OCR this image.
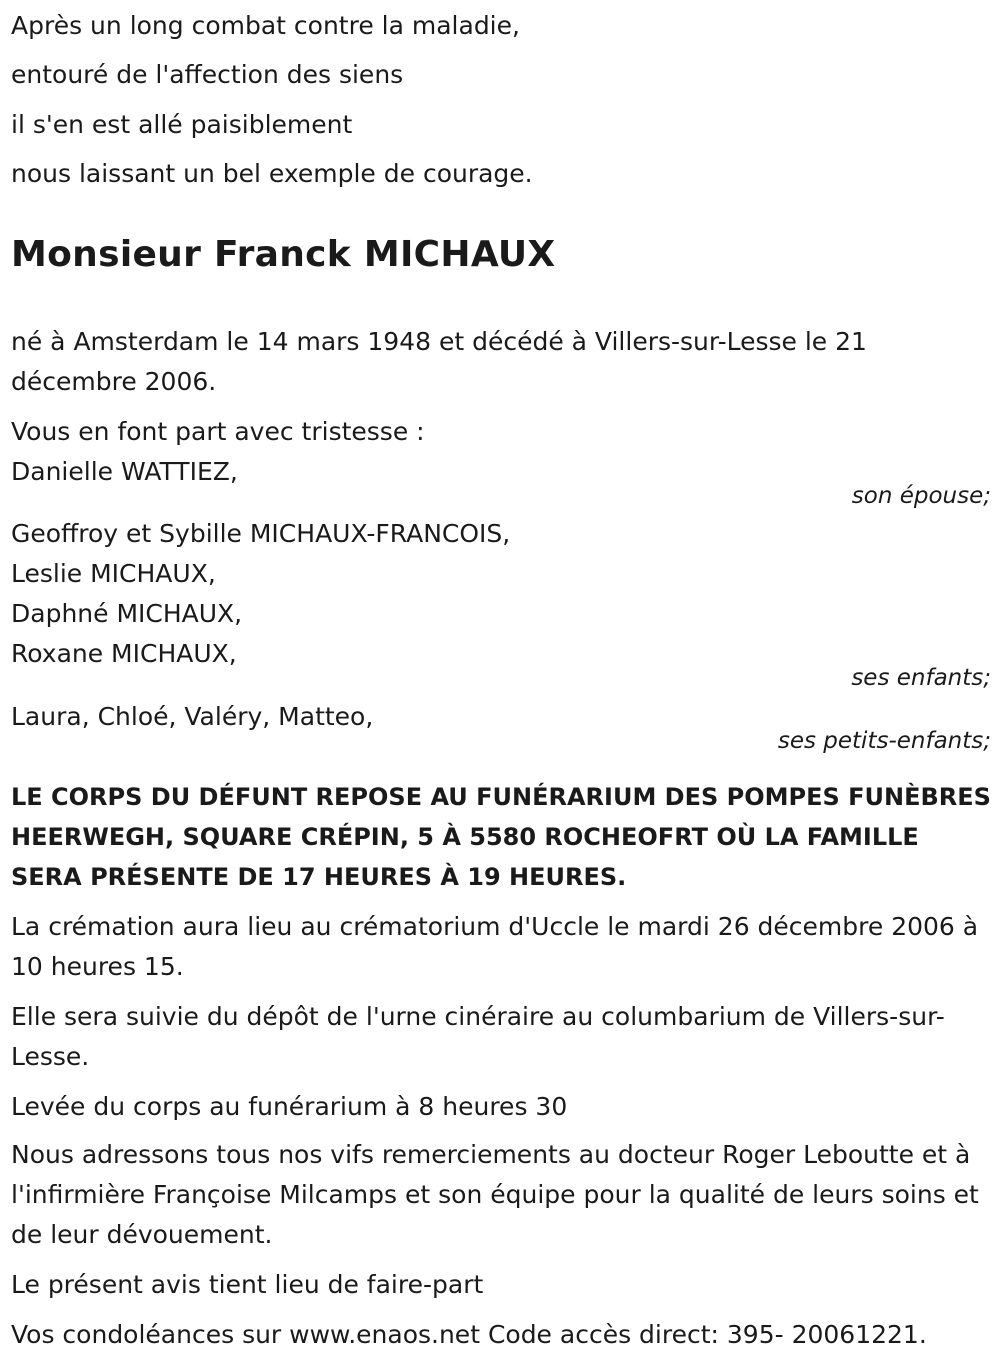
Après un long combat contre la maladie,
entouré de l'affection des siens
il s'en est allé paisiblement
nous laissant un bel exemple de courage.
Monsieur Franck MICHAUX
né à Amsterdam le 14 mars 1948 et décédé à Villers-sur-Lesse le 21 décembre 2006.
Vous en font part avec tristesse :
Danielle WATTIEZ,
son épouse;
Geoffroy et Sybille MICHAUX-FRANCOIS,
Leslie MICHAUX,
Daphné MICHAUX,
Roxane MICHAUX,
ses enfants;
Laura, Chloé, Valéry, Matteo,
ses petits-enfants;
LE CORPS DU DÉFUNT REPOSE AU FUNÉRARIUM DES POMPES FUNÈBRES HEERWEGH, SQUARE CRÉPIN, 5 À 5580 ROCHEOFRT OÙ LA FAMILLE SERA PRÉSENTE DE 17 HEURES À 19 HEURES.
La crémation aura lieu au crématorium d'Uccle le mardi 26 décembre 2006 à 10 heures 15.
Elle sera suivie du dépôt de l'urne cinéraire au columbarium de Villers-sur-Lesse.
Levée du corps au funérarium à 8 heures 30
Nous adressons tous nos vifs remerciements au docteur Roger Leboutte et à l'infirmière Françoise Milcamps et son équipe pour la qualité de leurs soins et de leur dévouement.
Le présent avis tient lieu de faire-part
Vos condoléances sur www.enaos.net Code accès direct: 395- 20061221.
